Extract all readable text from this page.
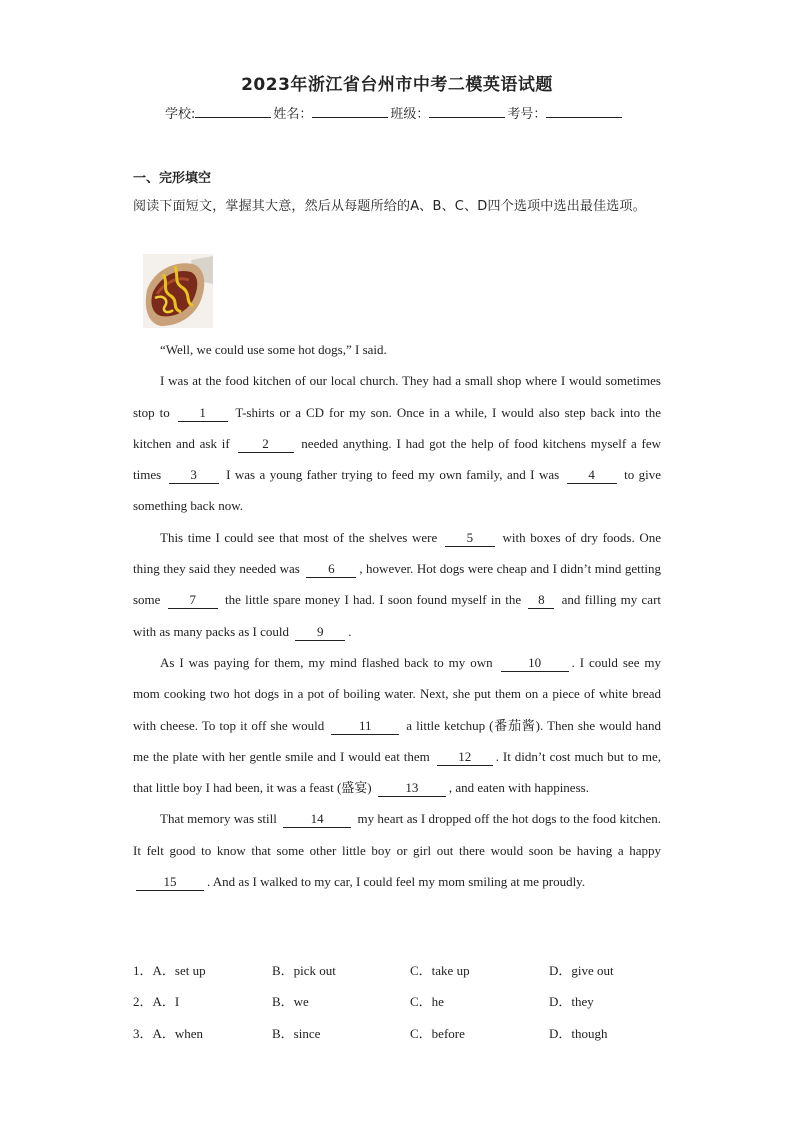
2023年浙江省台州市中考二模英语试题
学校:	姓名：	班级：	考号：
一、完形填空
阅读下面短文，掌握其大意，然后从每题所给的A、B、C、D四个选项中选出最佳选项。

“Well, we could use some hot dogs,” I said.

I was at the food kitchen of our local church. They had a small shop where I would sometimes stop to 1 T-shirts or a CD for my son. Once in a while, I would also step back into the kitchen and ask if	2	needed anything. I had got the help of food kitchens myself a few times 3 I was a young father trying to feed my own family, and I was 4 to give something back now.

This time I could see that most of the shelves were 5 with boxes of dry foods. One thing they said they needed was 6 , however. Hot dogs were cheap and I didn’t mind getting some 7 the little spare money I had. I soon found myself in the 8 and filling my cart with as many packs as I could 9 .

As I was paying for them, my mind flashed back to my own	10 . I could see my mom cooking two hot dogs in a pot of boiling water. Next, she put them on a piece of white bread with cheese. To top it off she would	11	a little ketchup (番茄酱). Then she would hand me the plate with her gentle smile and I would eat them 12 . It didn’t cost much but to me, that little boy I had been, it was a feast (盛宴)	13 , and eaten with happiness.

That memory was still	14	my heart as I dropped off the hot dogs to the food kitchen. It felt good to know that some other little boy or girl out there would soon be having a happy 15 . And as I walked to my car, I could feel my mom smiling at me proudly.

1．A．set up	B．pick out	C．take up	D．give out
2．A．I	B．we	C．he	D．they
3．A．when	B．since	C．before	D．though
